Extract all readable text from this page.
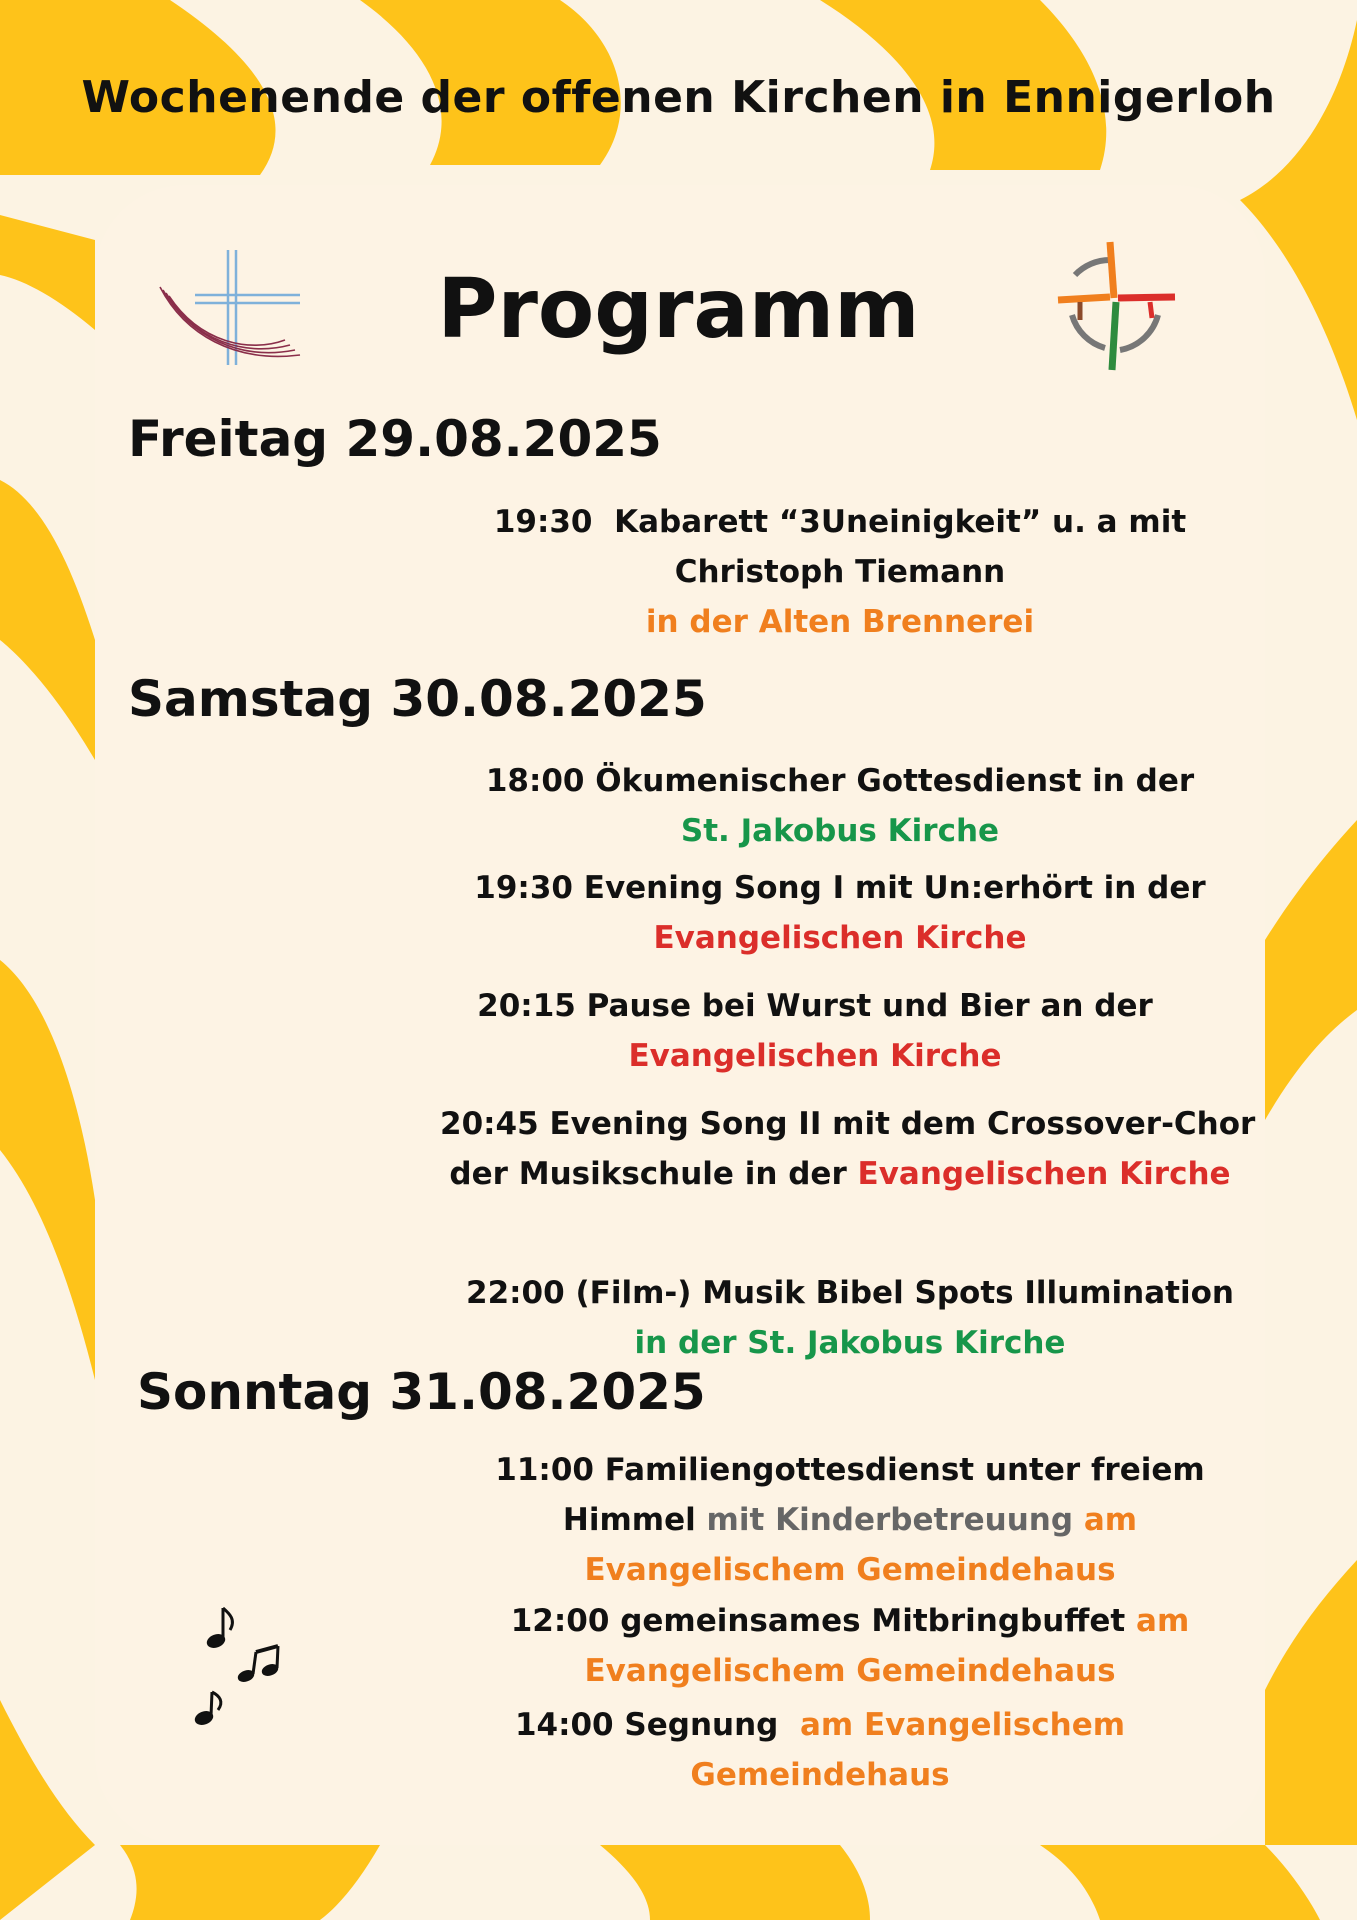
Wochenende der offenen Kirchen in Ennigerloh
Programm
Freitag 29.08.2025
19:30 Kabarett “3Uneinigkeit” u. a mit
Christoph Tiemann
in der Alten Brennerei
Samstag 30.08.2025
18:00 Ökumenischer Gottesdienst in der
St. Jakobus Kirche
19:30 Evening Song I mit Un:erhört in der
Evangelischen Kirche
20:15 Pause bei Wurst und Bier an der
Evangelischen Kirche
20:45 Evening Song II mit dem Crossover-Chor
der Musikschule in der Evangelischen Kirche
22:00 (Film-) Musik Bibel Spots Illumination
in der St. Jakobus Kirche
Sonntag 31.08.2025
11:00 Familiengottesdienst unter freiem
Himmel mit Kinderbetreuung am
Evangelischem Gemeindehaus
12:00 gemeinsames Mitbringbuffet am
Evangelischem Gemeindehaus
14:00 Segnung am Evangelischem
Gemeindehaus
